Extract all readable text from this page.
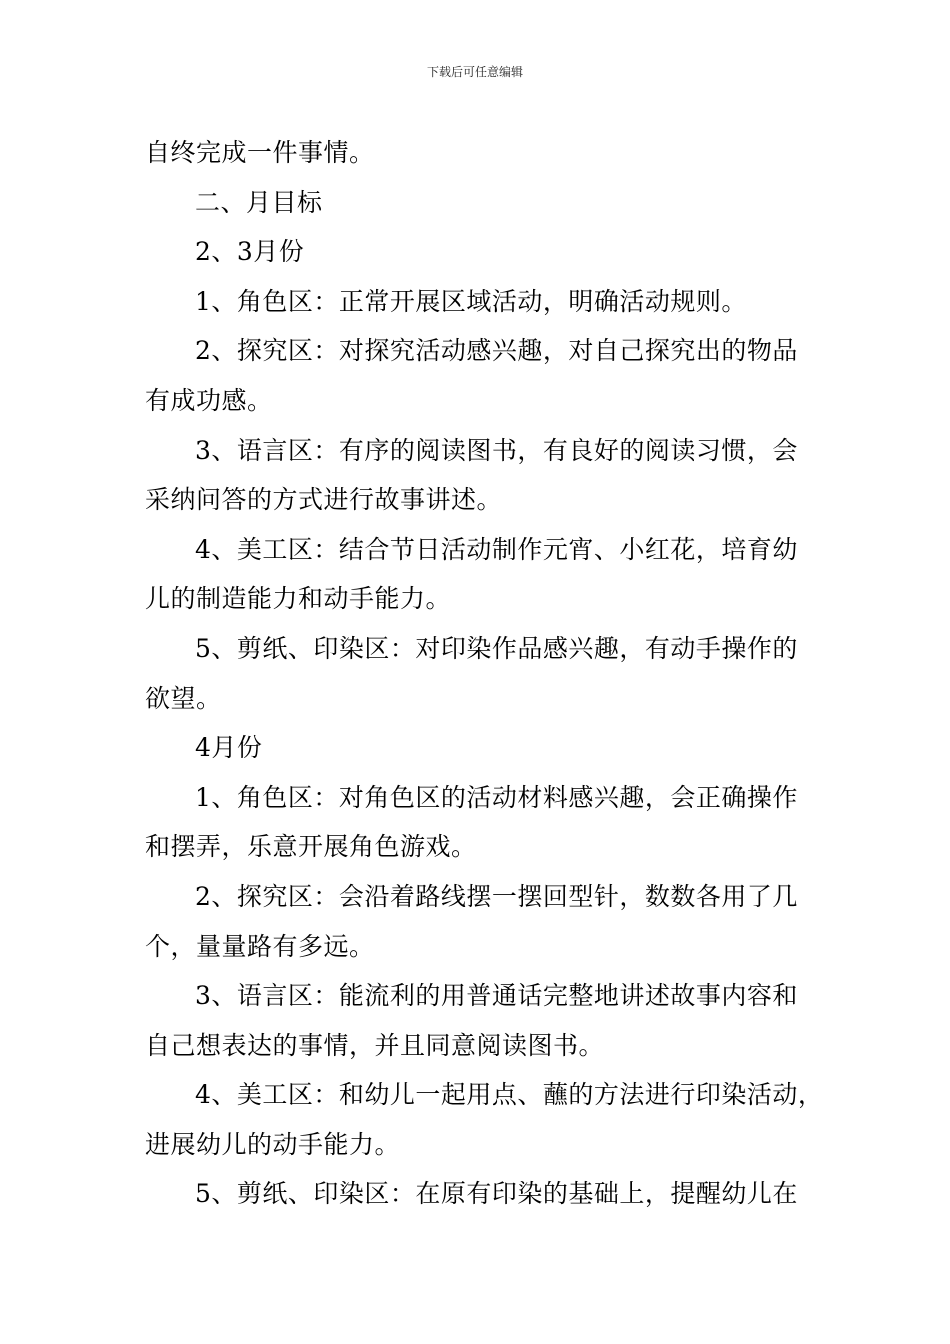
下载后可任意编辑
自终完成一件事情。
二、月目标
2、3月份
1、角色区：正常开展区域活动，明确活动规则。
2、探究区：对探究活动感兴趣，对自己探究出的物品
有成功感。
3、语言区：有序的阅读图书，有良好的阅读习惯，会
采纳问答的方式进行故事讲述。
4、美工区：结合节日活动制作元宵、小红花，培育幼
儿的制造能力和动手能力。
5、剪纸、印染区：对印染作品感兴趣，有动手操作的
欲望。
4月份
1、角色区：对角色区的活动材料感兴趣，会正确操作
和摆弄，乐意开展角色游戏。
2、探究区：会沿着路线摆一摆回型针，数数各用了几
个，量量路有多远。
3、语言区：能流利的用普通话完整地讲述故事内容和
自己想表达的事情，并且同意阅读图书。
4、美工区：和幼儿一起用点、蘸的方法进行印染活动，
进展幼儿的动手能力。
5、剪纸、印染区：在原有印染的基础上，提醒幼儿在
